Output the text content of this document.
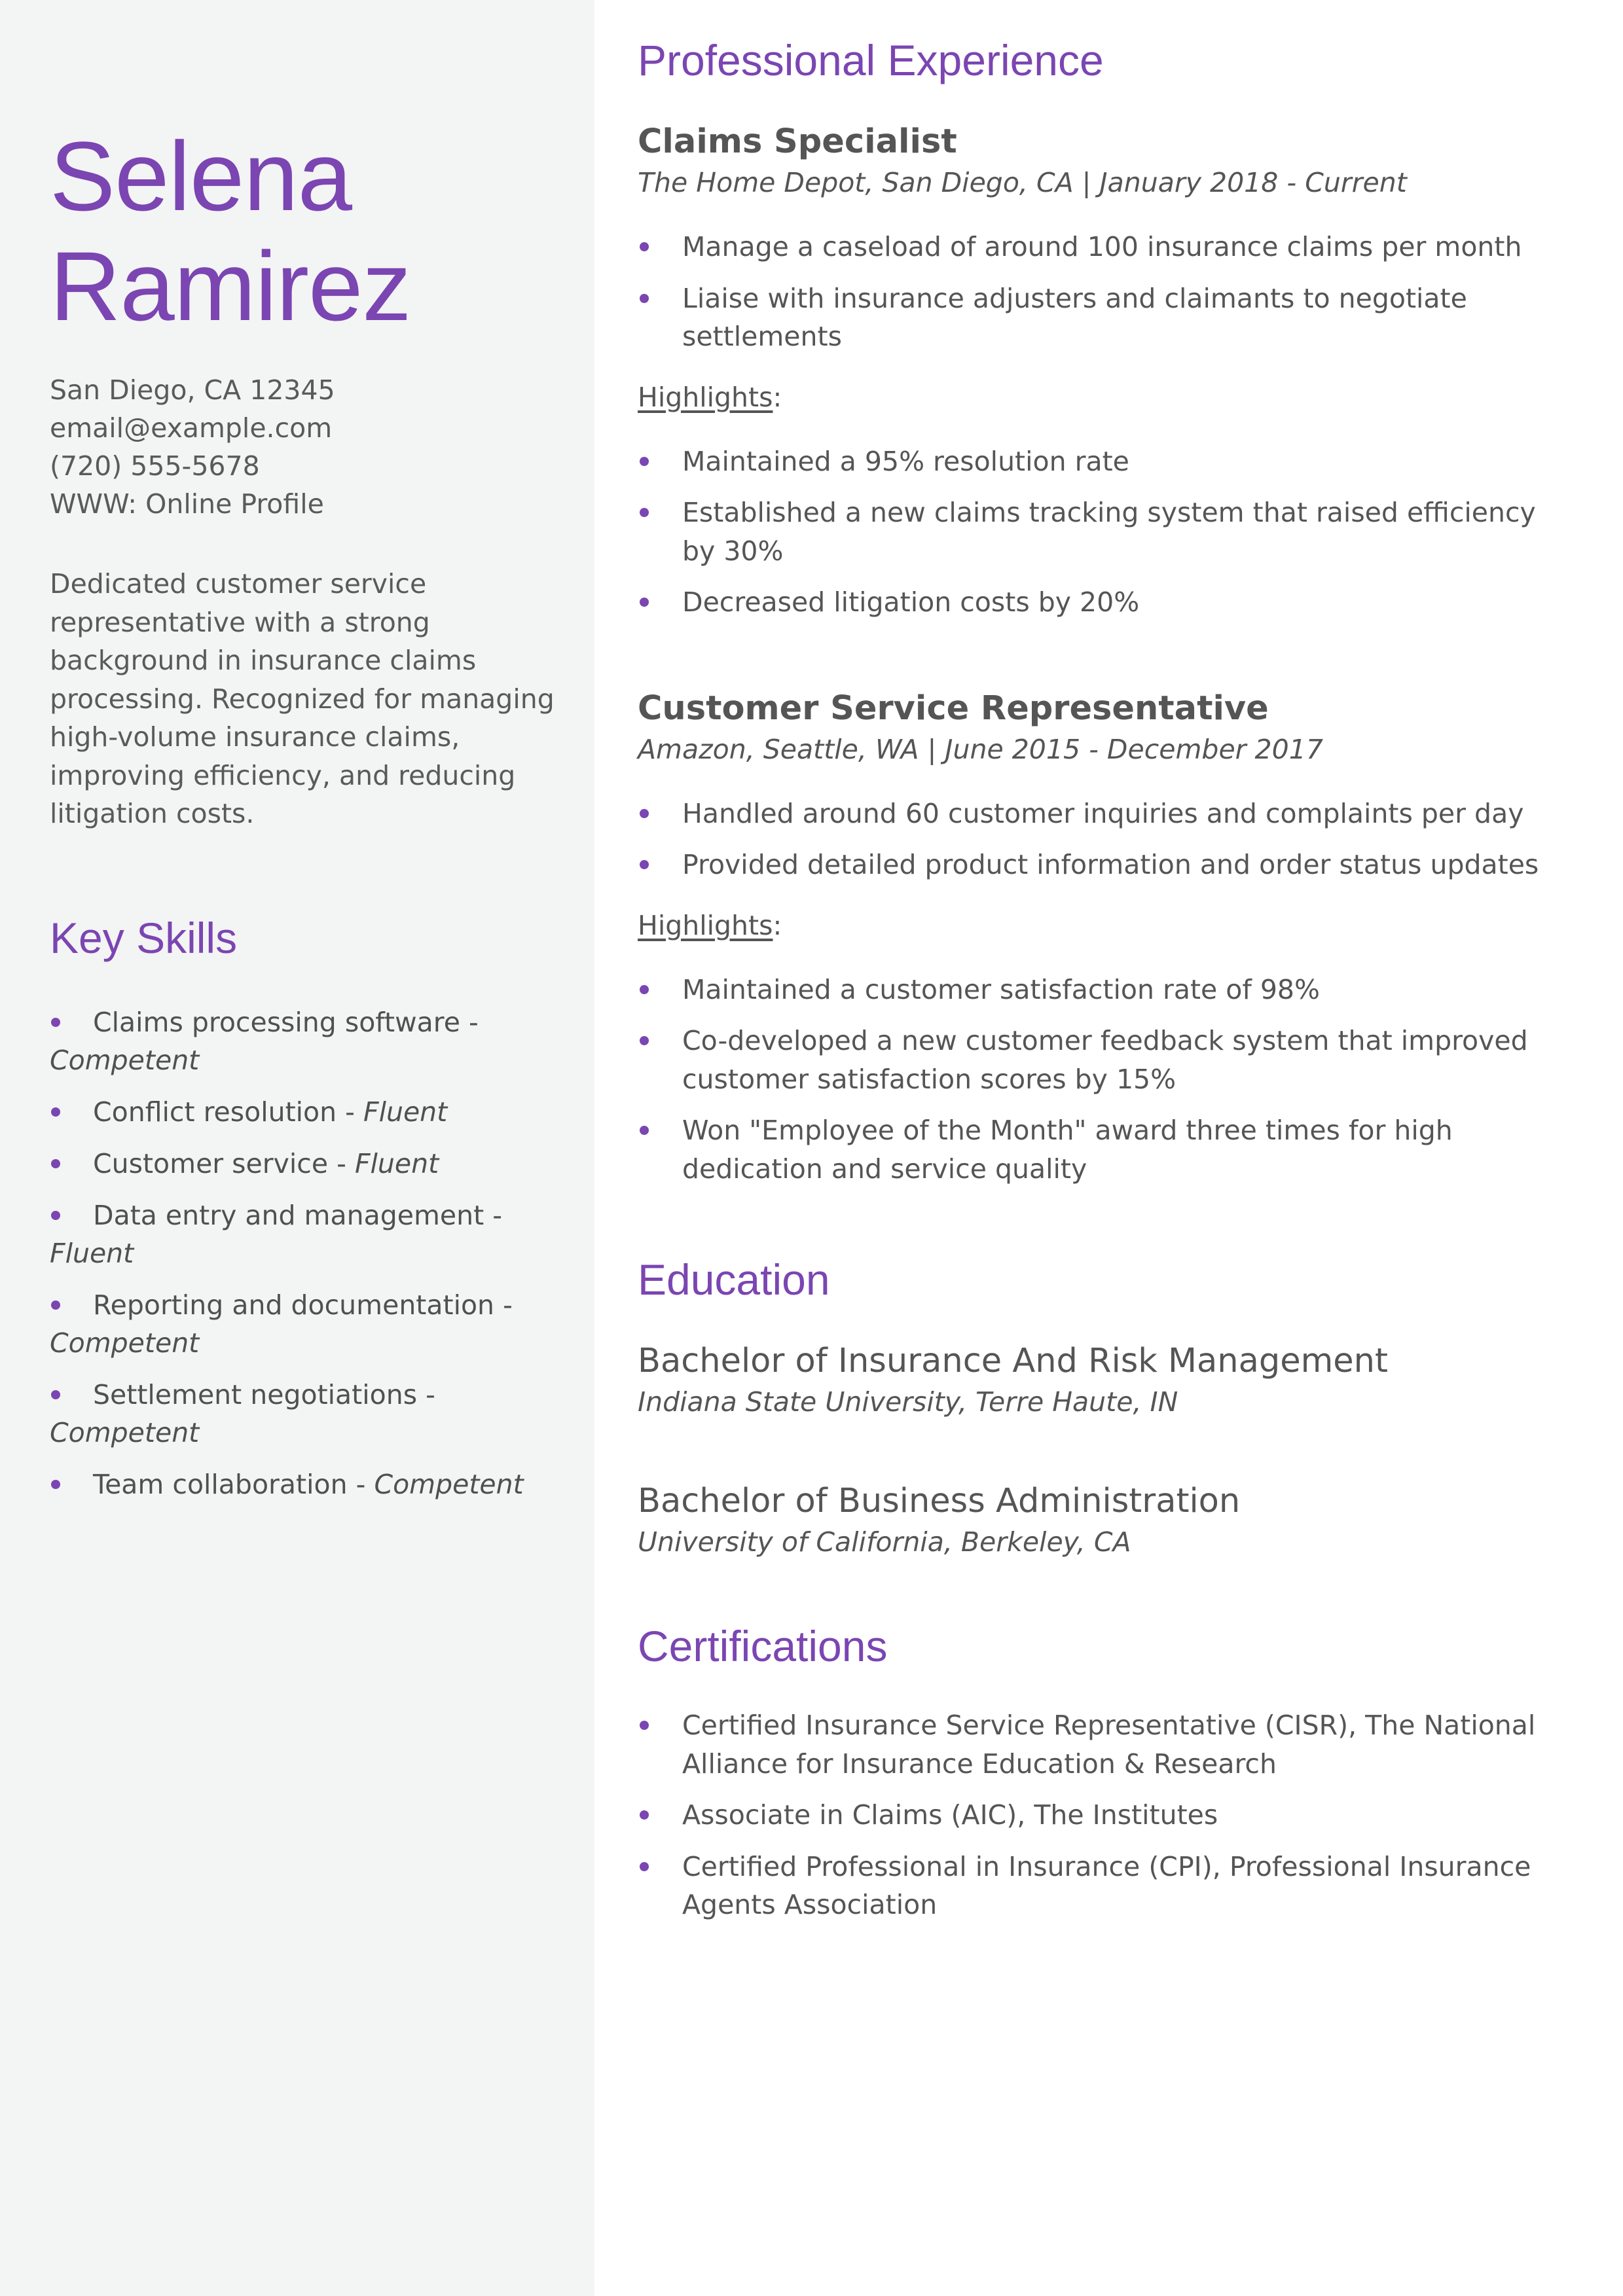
Selena
Ramirez
San Diego, CA 12345
email@example.com
(720) 555-5678
WWW: Online Profile
Dedicated customer service representative with a strong background in insurance claims processing. Recognized for managing high-volume insurance claims, improving efficiency, and reducing litigation costs.
Key Skills
Claims processing software - Competent
Conflict resolution - Fluent
Customer service - Fluent
Data entry and management - Fluent
Reporting and documentation - Competent
Settlement negotiations - Competent
Team collaboration - Competent
Professional Experience
Claims Specialist

The Home Depot, San Diego, CA | January 2018 - Current

Manage a caseload of around 100 insurance claims per month
Liaise with insurance adjusters and claimants to negotiate settlements
Highlights:
Maintained a 95% resolution rate
Established a new claims tracking system that raised efficiency by 30%
Decreased litigation costs by 20%
Customer Service Representative

Amazon, Seattle, WA | June 2015 - December 2017

Handled around 60 customer inquiries and complaints per day
Provided detailed product information and order status updates
Highlights:
Maintained a customer satisfaction rate of 98%
Co-developed a new customer feedback system that improved customer satisfaction scores by 15%
Won "Employee of the Month" award three times for high dedication and service quality
Education

Bachelor of Insurance And Risk Management

Indiana State University, Terre Haute, IN

Bachelor of Business Administration

University of California, Berkeley, CA

Certifications
Certified Insurance Service Representative (CISR), The National Alliance for Insurance Education & Research
Associate in Claims (AIC), The Institutes
Certified Professional in Insurance (CPI), Professional Insurance Agents Association
